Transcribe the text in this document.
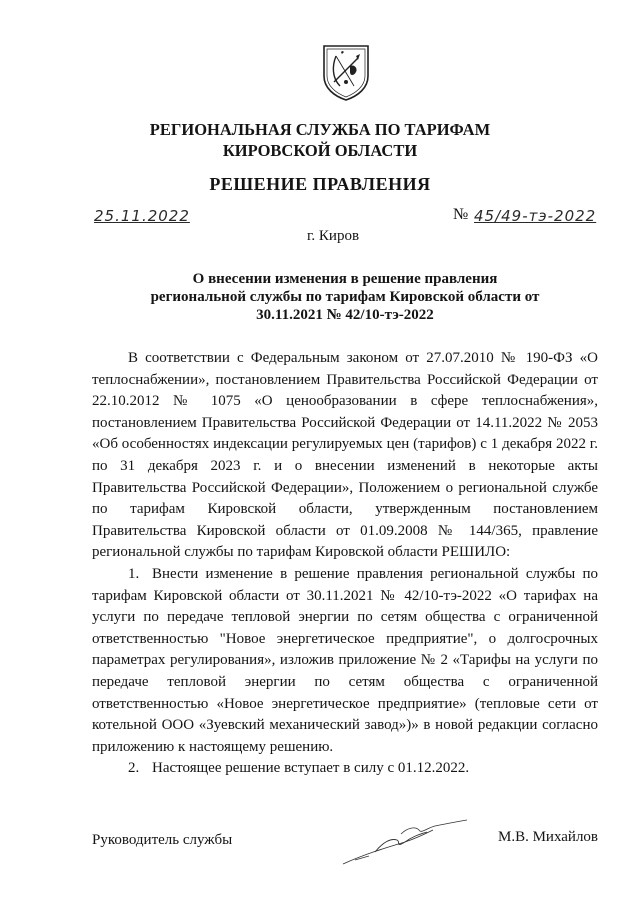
РЕГИОНАЛЬНАЯ СЛУЖБА ПО ТАРИФАМ
КИРОВСКОЙ ОБЛАСТИ
РЕШЕНИЕ ПРАВЛЕНИЯ
25.11.2022	№ 45/49-тэ-2022
г. Киров
О внесении изменения в решение правления региональной службы по тарифам Кировской области от 30.11.2021 № 42/10-тэ-2022

В соответствии с Федеральным законом от 27.07.2010 № 190-ФЗ «О теплоснабжении», постановлением Правительства Российской Федерации от 22.10.2012 № 1075 «О ценообразовании в сфере теплоснабжения», постановлением Правительства Российской Федерации от 14.11.2022 № 2053 «Об особенностях индексации регулируемых цен (тарифов) с 1 декабря 2022 г. по 31 декабря 2023 г. и о внесении изменений в некоторые акты Правительства Российской Федерации», Положением о региональной службе по тарифам Кировской области, утвержденным постановлением Правительства Кировской области от 01.09.2008 № 144/365, правление региональной службы по тарифам Кировской области РЕШИЛО:

1. Внести изменение в решение правления региональной службы по тарифам Кировской области от 30.11.2021 № 42/10-тэ-2022 «О тарифах на услуги по передаче тепловой энергии по сетям общества с ограниченной ответственностью "Новое энергетическое предприятие", о долгосрочных параметрах регулирования», изложив приложение № 2 «Тарифы на услуги по передаче тепловой энергии по сетям общества с ограниченной ответственностью «Новое энергетическое предприятие» (тепловые сети от котельной ООО «Зуевский механический завод»)» в новой редакции согласно приложению к настоящему решению.

2. Настоящее решение вступает в силу с 01.12.2022.

Руководитель службы	М.В. Михайлов
